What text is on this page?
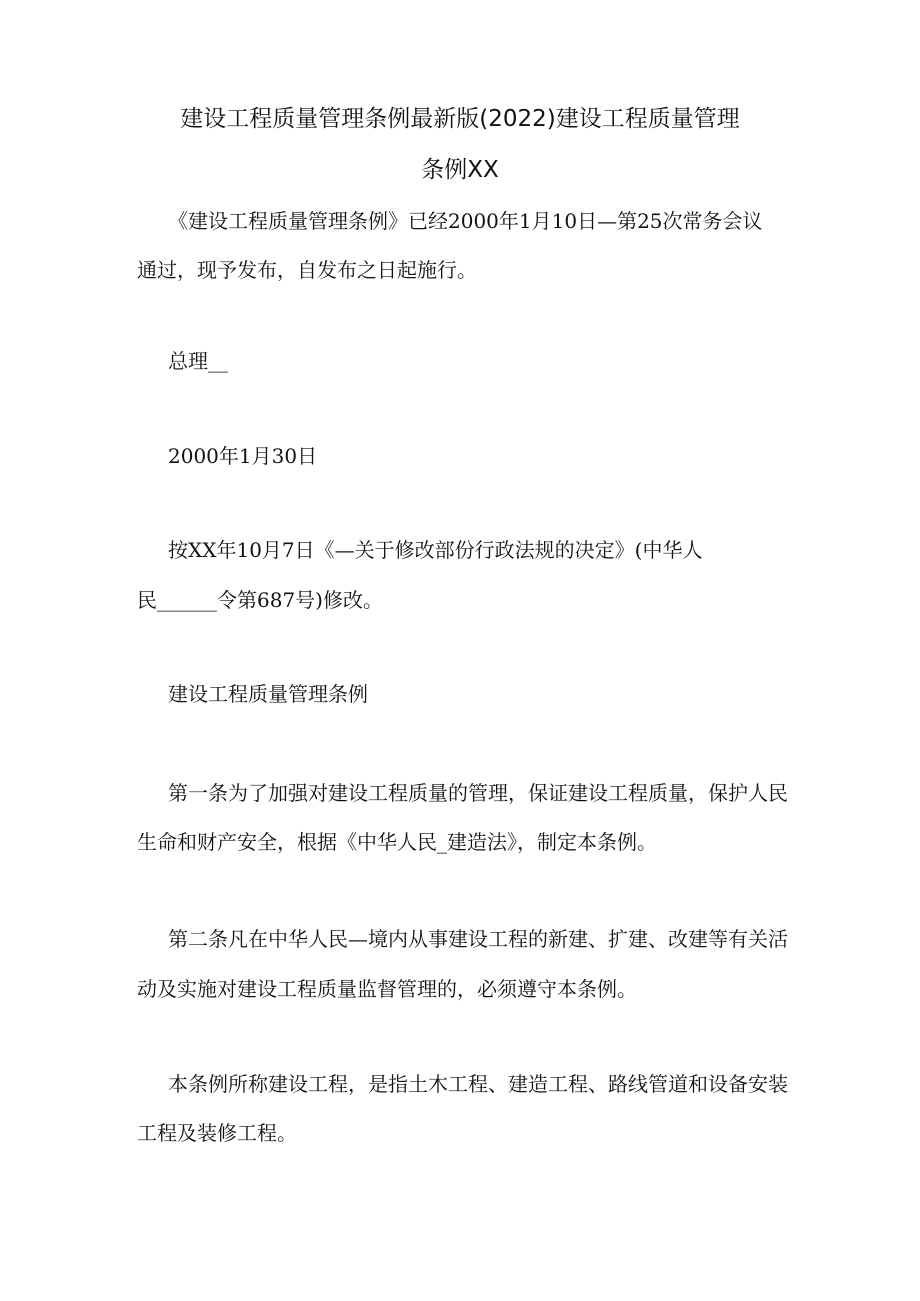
建设工程质量管理条例最新版(2022)建设工程质量管理
条例XX

《建设工程质量管理条例》已经2000年1月10日—第25次常务会议

通过，现予发布，自发布之日起施行。

总理__

2000年1月30日

按XX年10月7日《—关于修改部份行政法规的决定》(中华人

民______令第687号)修改。

建设工程质量管理条例

第一条为了加强对建设工程质量的管理，保证建设工程质量，保护人民

生命和财产安全，根据《中华人民_建造法》，制定本条例。

第二条凡在中华人民—境内从事建设工程的新建、扩建、改建等有关活

动及实施对建设工程质量监督管理的，必须遵守本条例。

本条例所称建设工程，是指土木工程、建造工程、路线管道和设备安装

工程及装修工程。
